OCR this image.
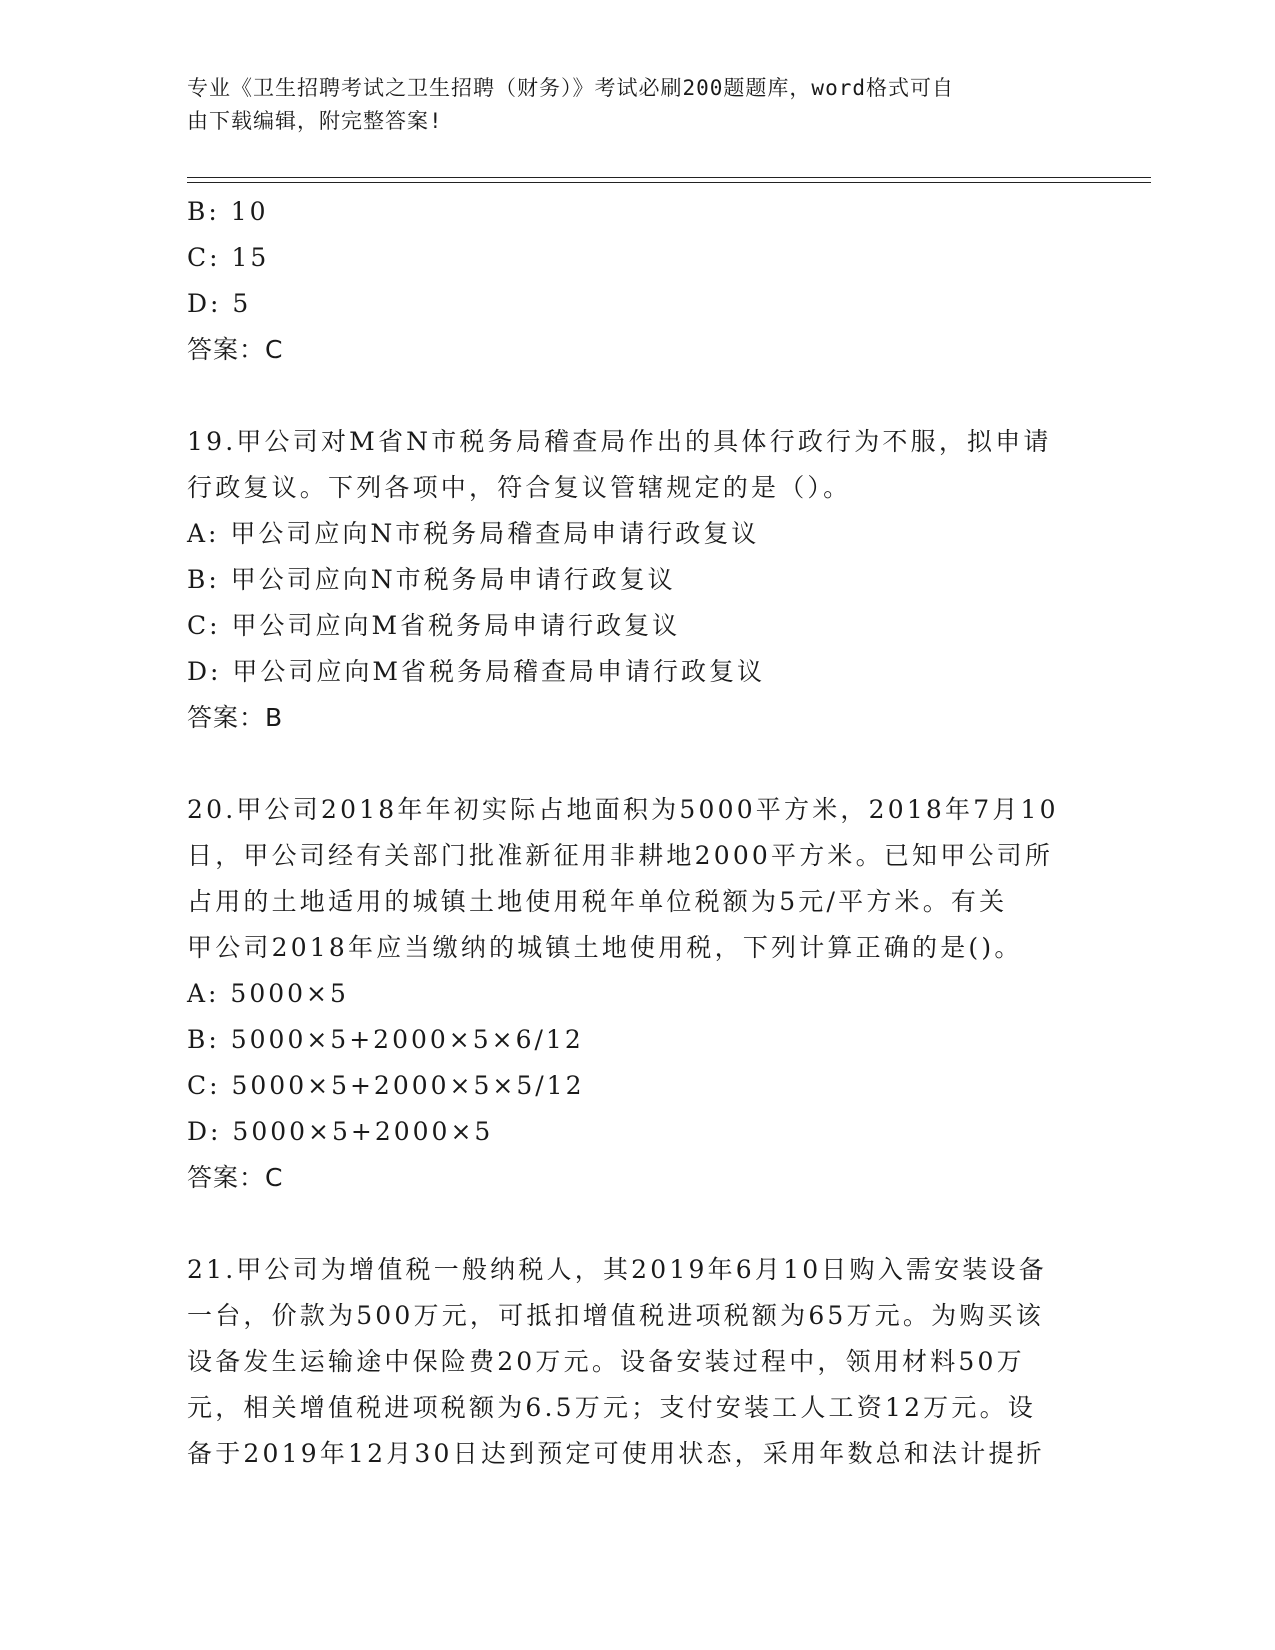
专业《卫生招聘考试之卫生招聘（财务）》考试必刷200题题库，word格式可自
由下载编辑，附完整答案!
B: 10
C: 15
D: 5
答案：C
19.甲公司对M省N市税务局稽查局作出的具体行政行为不服，拟申请
行政复议。下列各项中，符合复议管辖规定的是（）。
A: 甲公司应向N市税务局稽查局申请行政复议
B: 甲公司应向N市税务局申请行政复议
C: 甲公司应向M省税务局申请行政复议
D: 甲公司应向M省税务局稽查局申请行政复议
答案：B
20.甲公司2018年年初实际占地面积为5000平方米，2018年7月10
日，甲公司经有关部门批准新征用非耕地2000平方米。已知甲公司所
占用的土地适用的城镇土地使用税年单位税额为5元/平方米。有关
甲公司2018年应当缴纳的城镇土地使用税，下列计算正确的是()。
A: 5000×5
B: 5000×5+2000×5×6/12
C: 5000×5+2000×5×5/12
D: 5000×5+2000×5
答案：C
21.甲公司为增值税一般纳税人，其2019年6月10日购入需安装设备
一台，价款为500万元，可抵扣增值税进项税额为65万元。为购买该
设备发生运输途中保险费20万元。设备安装过程中，领用材料50万
元，相关增值税进项税额为6.5万元；支付安装工人工资12万元。设
备于2019年12月30日达到预定可使用状态，采用年数总和法计提折
